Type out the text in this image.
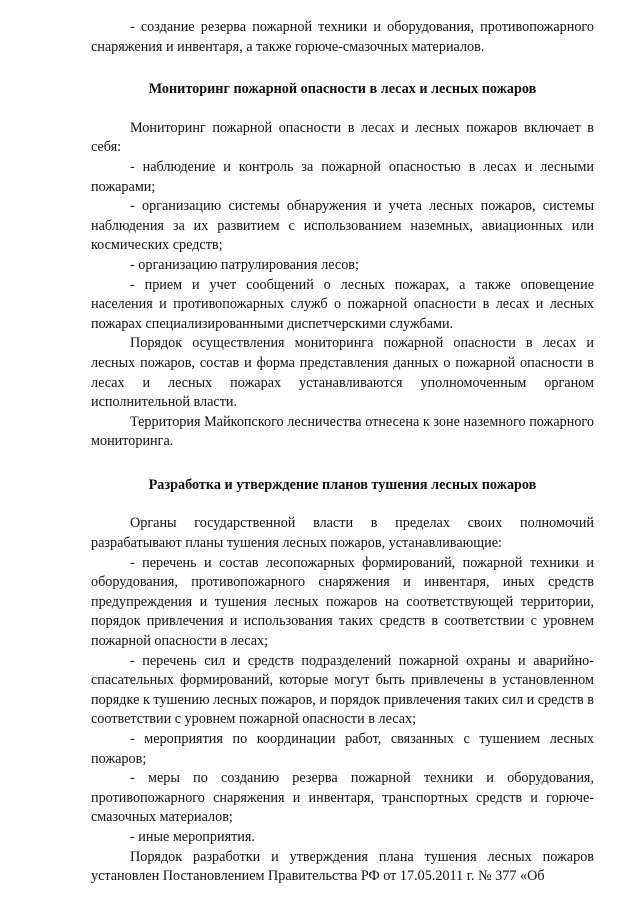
- создание резерва пожарной техники и оборудования, противопожарного снаряжения и инвентаря, а также горюче-смазочных материалов.

Мониторинг пожарной опасности в лесах и лесных пожаров

Мониторинг пожарной опасности в лесах и лесных пожаров включает в себя:

- наблюдение и контроль за пожарной опасностью в лесах и лесными пожарами;

- организацию системы обнаружения и учета лесных пожаров, системы наблюдения за их развитием с использованием наземных, авиационных или космических средств;

- организацию патрулирования лесов;

- прием и учет сообщений о лесных пожарах, а также оповещение населения и противопожарных служб о пожарной опасности в лесах и лесных пожарах специализированными диспетчерскими службами.

Порядок осуществления мониторинга пожарной опасности в лесах и лесных пожаров, состав и форма представления данных о пожарной опасности в лесах и лесных пожарах устанавливаются уполномоченным органом исполнительной власти.

Территория Майкопского лесничества отнесена к зоне наземного пожарного мониторинга.

Разработка и утверждение планов тушения лесных пожаров

Органы государственной власти в пределах своих полномочий разрабатывают планы тушения лесных пожаров, устанавливающие:

- перечень и состав лесопожарных формирований, пожарной техники и оборудования, противопожарного снаряжения и инвентаря, иных средств предупреждения и тушения лесных пожаров на соответствующей территории, порядок привлечения и использования таких средств в соответствии с уровнем пожарной опасности в лесах;

- перечень сил и средств подразделений пожарной охраны и аварийно-спасательных формирований, которые могут быть привлечены в установленном порядке к тушению лесных пожаров, и порядок привлечения таких сил и средств в соответствии с уровнем пожарной опасности в лесах;

- мероприятия по координации работ, связанных с тушением лесных пожаров;

- меры по созданию резерва пожарной техники и оборудования, противопожарного снаряжения и инвентаря, транспортных средств и горюче-смазочных материалов;

- иные мероприятия.

Порядок разработки и утверждения плана тушения лесных пожаров установлен Постановлением Правительства РФ от 17.05.2011 г. № 377 «Об
